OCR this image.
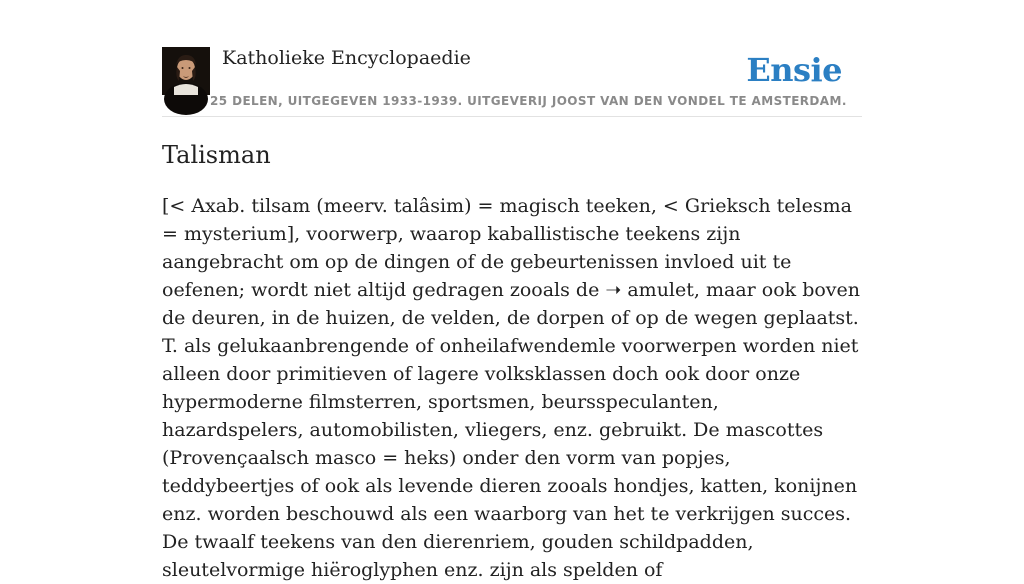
Katholieke Encyclopaedie
25 DELEN, UITGEGEVEN 1933-1939. UITGEVERIJ JOOST VAN DEN VONDEL TE AMSTERDAM.
Ensie
Talisman

[< Axab. tilsam (meerv. talâsim) = magisch teeken, < Grieksch telesma = mysterium], voorwerp, waarop kaballistische teekens zijn aangebracht om op de dingen of de gebeurtenissen invloed uit te oefenen; wordt niet altijd gedragen zooals de ➝ amulet, maar ook boven de deuren, in de huizen, de velden, de dorpen of op de wegen geplaatst. T. als gelukaanbrengende of onheilafwendemle voorwerpen worden niet alleen door primitieven of lagere volksklassen doch ook door onze hypermoderne filmsterren, sportsmen, beursspeculanten, hazardspelers, automobilisten, vliegers, enz. gebruikt. De mascottes (Provençaalsch masco = heks) onder den vorm van popjes, teddybeertjes of ook als levende dieren zooals hondjes, katten, konijnen enz. worden beschouwd als een waarborg van het te verkrijgen succes. De twaalf teekens van den dierenriem, gouden schildpadden, sleutelvormige hiëroglyphen enz. zijn als spelden of
